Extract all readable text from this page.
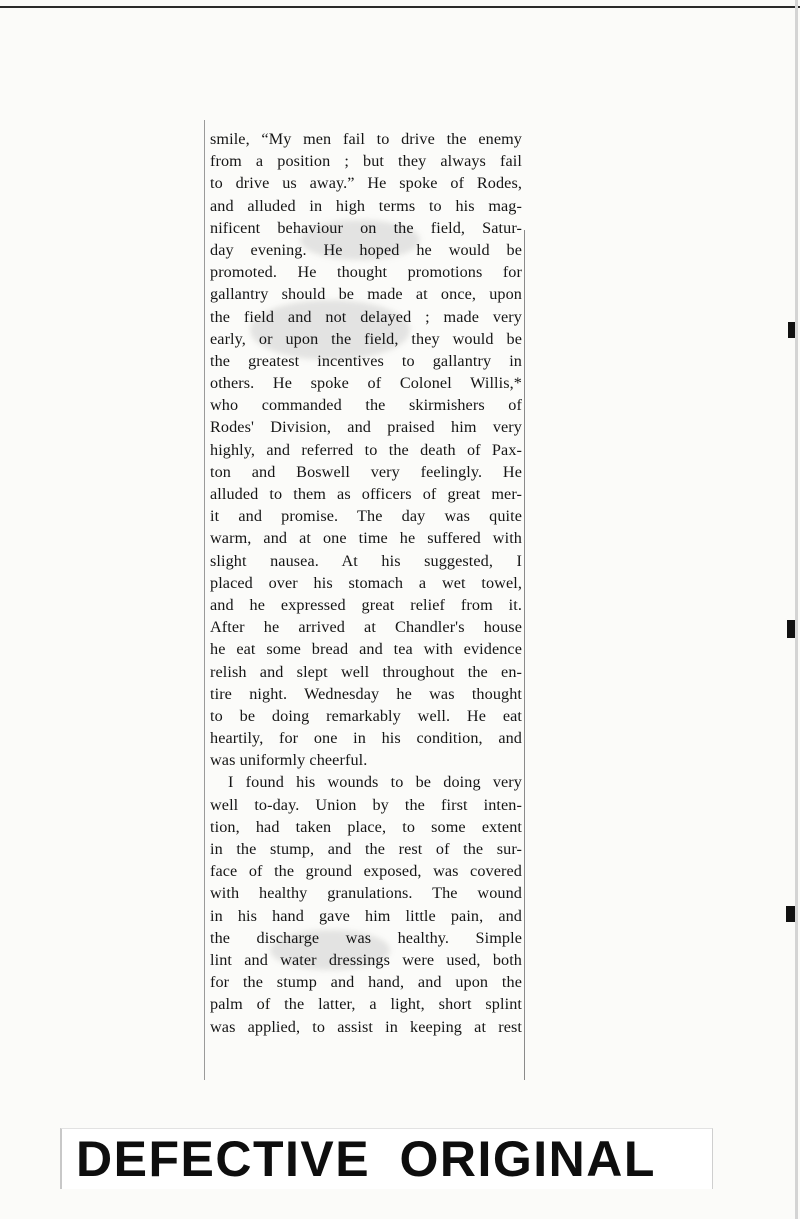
smile, “My men fail to drive the enemy
from a position ; but they always fail
to drive us away.” He spoke of Rodes,
and alluded in high terms to his mag-
nificent behaviour on the field, Satur-
day evening. He hoped he would be
promoted. He thought promotions for
gallantry should be made at once, upon
the field and not delayed ; made very
early, or upon the field, they would be
the greatest incentives to gallantry in
others. He spoke of Colonel Willis,*
who commanded the skirmishers of
Rodes' Division, and praised him very
highly, and referred to the death of Pax-
ton and Boswell very feelingly. He
alluded to them as officers of great mer-
it and promise. The day was quite
warm, and at one time he suffered with
slight nausea. At his suggested, I
placed over his stomach a wet towel,
and he expressed great relief from it.
After he arrived at Chandler's house
he eat some bread and tea with evidence
relish and slept well throughout the en-
tire night. Wednesday he was thought
to be doing remarkably well. He eat
heartily, for one in his condition, and
was uniformly cheerful.
I found his wounds to be doing very
well to-day. Union by the first inten-
tion, had taken place, to some extent
in the stump, and the rest of the sur-
face of the ground exposed, was covered
with healthy granulations. The wound
in his hand gave him little pain, and
the discharge was healthy. Simple
lint and water dressings were used, both
for the stump and hand, and upon the
palm of the latter, a light, short splint
was applied, to assist in keeping at rest
DEFECTIVE ORIGINAL
